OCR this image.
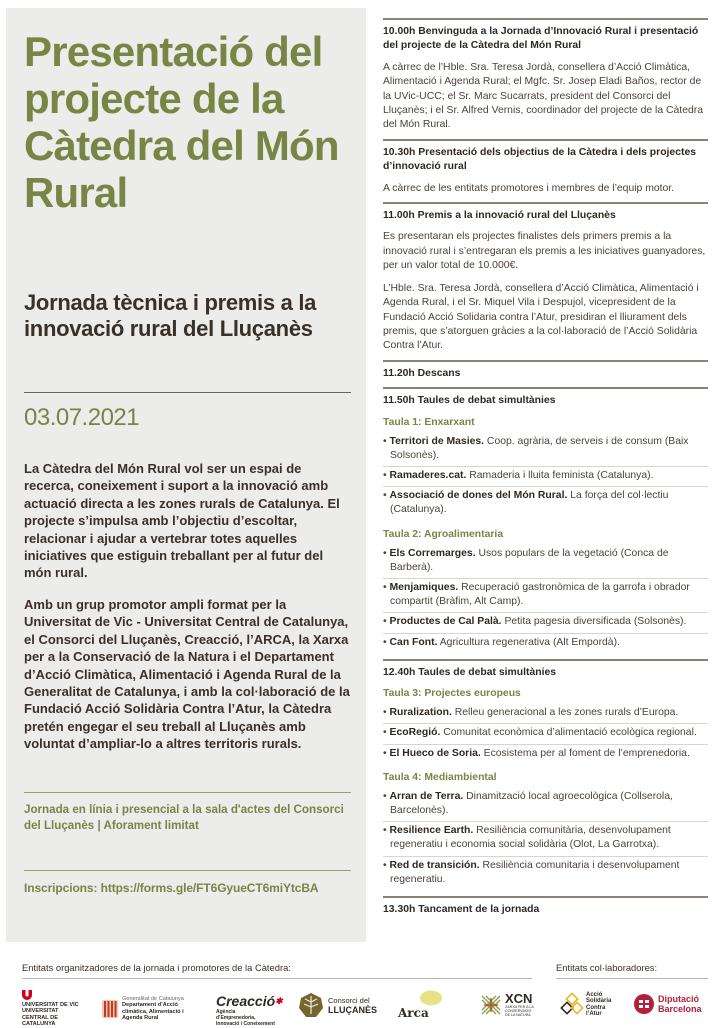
Presentació del projecte de la Càtedra del Món Rural
Jornada tècnica i premis a la innovació rural del Lluçanès
03.07.2021

La Càtedra del Món Rural vol ser un espai de recerca, coneixement i suport a la innovació amb actuació directa a les zones rurals de Catalunya. El projecte s’impulsa amb l’objectiu d’escoltar, relacionar i ajudar a vertebrar totes aquelles iniciatives que estiguin treballant per al futur del món rural.

Amb un grup promotor ampli format per la Universitat de Vic - Universitat Central de Catalunya, el Consorci del Lluçanès, Creacció, l’ARCA, la Xarxa per a la Conservació de la Natura i el Departament d’Acció Climàtica, Alimentació i Agenda Rural de la Generalitat de Catalunya, i amb la col·laboració de la Fundació Acció Solidària Contra l’Atur, la Càtedra pretén engegar el seu treball al Lluçanès amb voluntat d’ampliar-lo a altres territoris rurals.

Jornada en línia i presencial a la sala d'actes del Consorci del Lluçanès | Aforament limitat

Inscripcions: https://forms.gle/FT6GyueCT6miYtcBA

10.00h Benvinguda a la Jornada d’Innovació Rural i presentació del projecte de la Càtedra del Món Rural
A càrrec de l’Hble. Sra. Teresa Jordà, consellera d’Acció Climàtica, Alimentació i Agenda Rural; el Mgfc. Sr. Josep Eladi Baños, rector de la UVic-UCC; el Sr. Marc Sucarrats, president del Consorci del Lluçanès; i el Sr. Alfred Vernis, coordinador del projecte de la Càtedra del Món Rural.
10.30h Presentació dels objectius de la Càtedra i dels projectes d’innovació rural
A càrrec de les entitats promotores i membres de l’equip motor.
11.00h Premis a la innovació rural del Lluçanès
Es presentaran els projectes finalistes dels primers premis a la innovació rural i s’entregaran els premis a les iniciatives guanyadores, per un valor total de 10.000€.
L’Hble. Sra. Teresa Jordà, consellera d’Acció Climàtica, Alimentació i Agenda Rural, i el Sr. Miquel Vila i Despujol, vicepresident de la Fundació Acció Solidaria contra l’Atur, presidiran el lliurament dels premis, que s’atorguen gràcies a la col·laboració de l’Acció Solidària Contra l’Atur.
11.20h Descans
11.50h Taules de debat simultànies
Taula 1: Enxarxant
• Territori de Masies. Coop. agrària, de serveis i de consum (Baix Solsonès).
• Ramaderes.cat. Ramaderia i lluita feminista (Catalunya).
• Associació de dones del Món Rural. La força del col·lectiu (Catalunya).
Taula 2: Agroalimentaria
• Els Corremarges. Usos populars de la vegetació (Conca de Barberà).
• Menjamiques. Recuperació gastronòmica de la garrofa i obrador compartit (Bràfim, Alt Camp).
• Productes de Cal Palà. Petita pagesia diversificada (Solsonès).
• Can Font. Agricultura regenerativa (Alt Empordà).
12.40h Taules de debat simultànies
Taula 3: Projectes europeus
• Ruralization. Relleu generacional a les zones rurals d’Europa.
• EcoRegió. Comunitat econòmica d’alimentació ecològica regional.
• El Hueco de Soria. Ecosistema per al foment de l’emprenedoria.
Taula 4: Mediambiental
• Arran de Terra. Dinamització local agroecològica (Collserola, Barcelonès).
• Resilience Earth. Resiliència comunitària, desenvolupament regeneratiu i economia social solidària (Olot, La Garrotxa).
• Red de transición. Resiliència comunitaria i desenvolupament regeneratiu.
13.30h Tancament de la jornada
Entitats organitzadores de la jornada i promotores de la Càtedra:	Entitats col·laboradores:
UNIVERSITAT DE VIC UNIVERSITAT CENTRAL DE CATALUNYA
Generalitat de Catalunya
Departament d’Acció climàtica, Alimentació i Agenda Rural
Creacció✱
Agència d’Emprenedoria, Innovació i Coneixement
Consorci del
LLUÇANÈS Arca
XCN
XARXA PER A LA CONSERVACIÓ DE LA NATURA
Acció Solidària Contra l’Atur
Diputació
Barcelona
